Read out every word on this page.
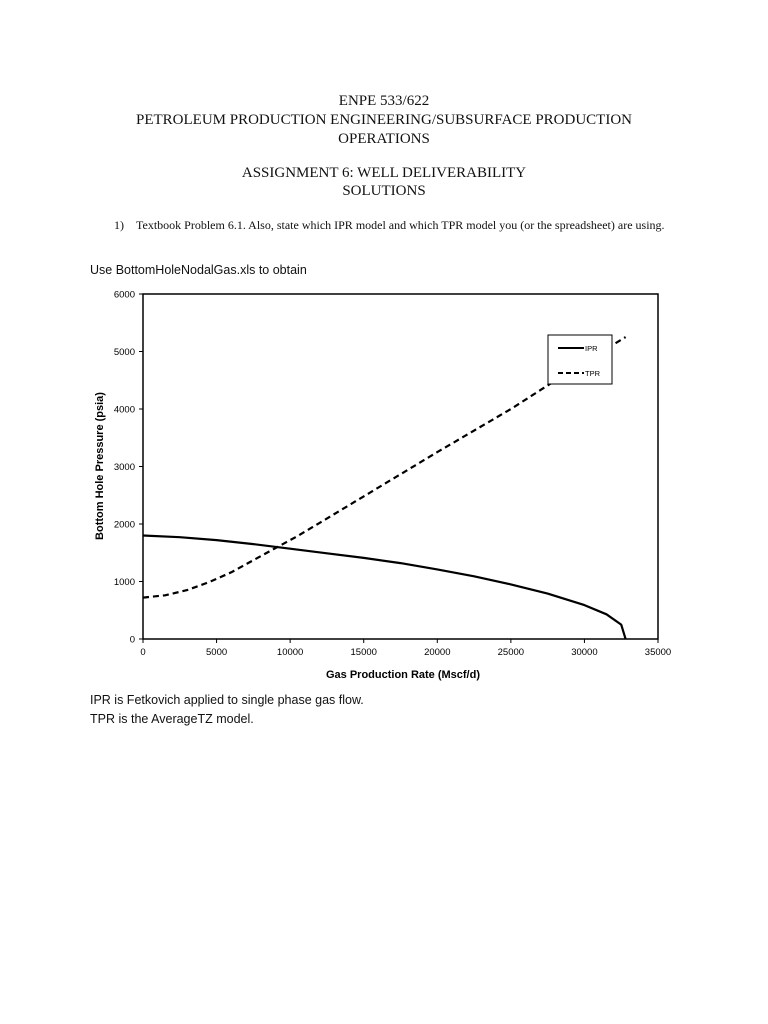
ENPE 533/622
PETROLEUM PRODUCTION ENGINEERING/SUBSURFACE PRODUCTION
OPERATIONS
ASSIGNMENT 6: WELL DELIVERABILITY
SOLUTIONS
1) Textbook Problem 6.1. Also, state which IPR model and which TPR model you (or the spreadsheet) are using.
Use BottomHoleNodalGas.xls to obtain
0	5000	10000	15000	20000	25000	30000	35000
0
1000
2000
3000
4000
5000
6000
Gas Production Rate (Mscf/d)
Bottom Hole Pressure (psia)
IPR
TPR
IPR is Fetkovich applied to single phase gas flow.
TPR is the AverageTZ model.
